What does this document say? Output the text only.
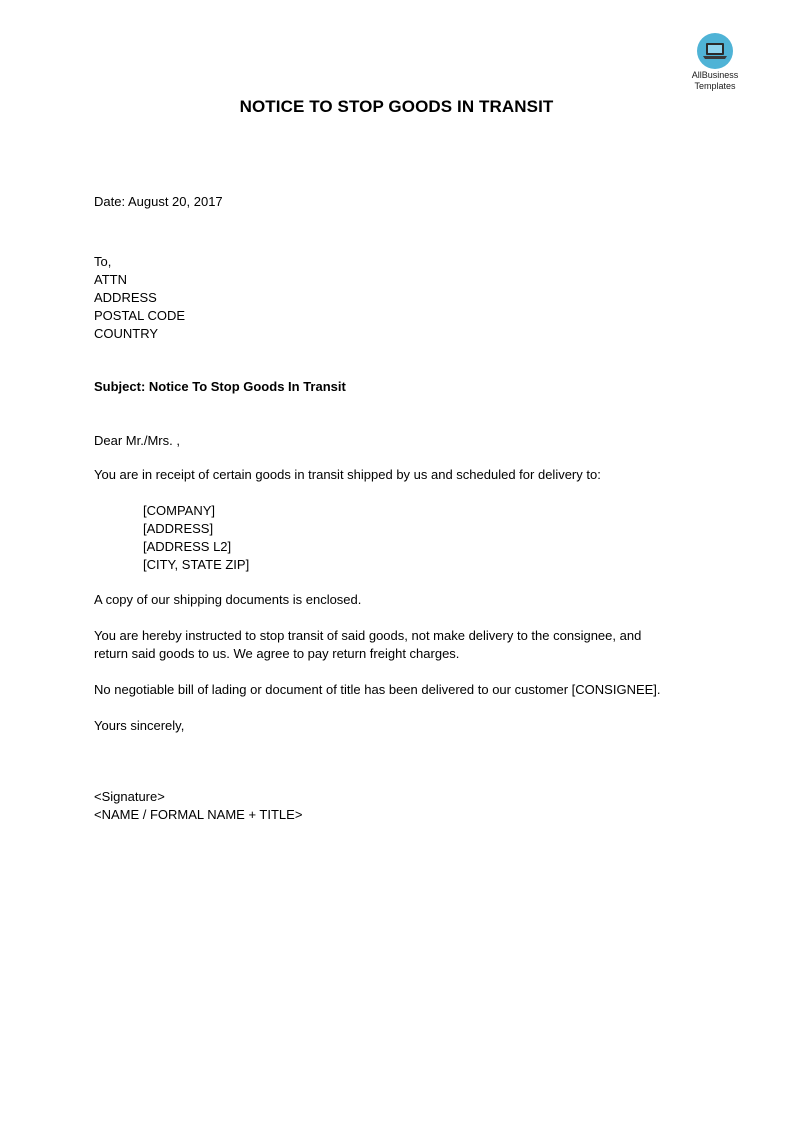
AllBusiness
Templates
NOTICE TO STOP GOODS IN TRANSIT
Date: August 20, 2017
To,
ATTN
ADDRESS
POSTAL CODE
COUNTRY
Subject: Notice To Stop Goods In Transit
Dear Mr./Mrs. ,
You are in receipt of certain goods in transit shipped by us and scheduled for delivery to:
[COMPANY]
[ADDRESS]
[ADDRESS L2]
[CITY, STATE ZIP]
A copy of our shipping documents is enclosed.
You are hereby instructed to stop transit of said goods, not make delivery to the consignee, and
return said goods to us. We agree to pay return freight charges.
No negotiable bill of lading or document of title has been delivered to our customer [CONSIGNEE].
Yours sincerely,
<Signature>
<NAME / FORMAL NAME + TITLE>
